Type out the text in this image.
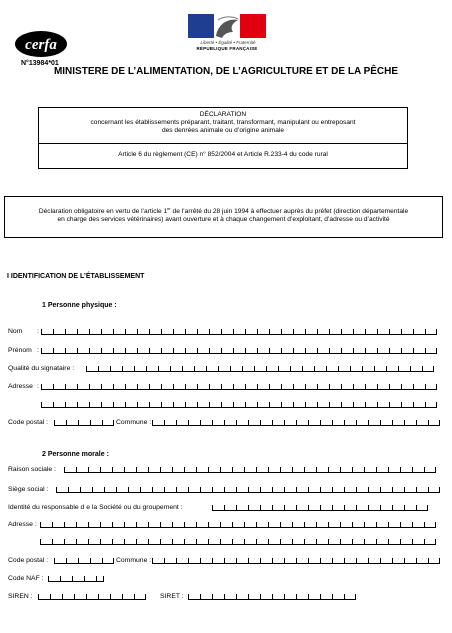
cerfa
N°13984*01
Liberté • Égalité • Fraternité
RÉPUBLIQUE FRANÇAISE
MINISTERE DE L’ALIMENTATION, DE L’AGRICULTURE ET DE LA PÊCHE
DÉCLARATION
concernant les établissements préparant, traitant, transformant, manipulant ou entreposant
des denrées animale ou d’origine animale
Article 6 du règlement (CE) n° 852/2004 et Article R.233-4 du code rural
Déclaration obligatoire en vertu de l’article 1er de l’arrêté du 28 juin 1994 à effectuer auprès du préfet (direction départementale
en charge des services vétérinaires) avant ouverture et à chaque changement d’exploitant, d’adresse ou d’activité
I IDENTIFICATION DE L’ÉTABLISSEMENT
1 Personne physique :
Nom :
Prénom :
Qualité du signataire :
Adresse :
Code postal :	Commune :
2 Personne morale :
Raison sociale :
Siège social :
Identité du responsable d e la Société ou du groupement :
Adresse :
Code postal :	Commune :
Code NAF :
SIREN :	SIRET :
